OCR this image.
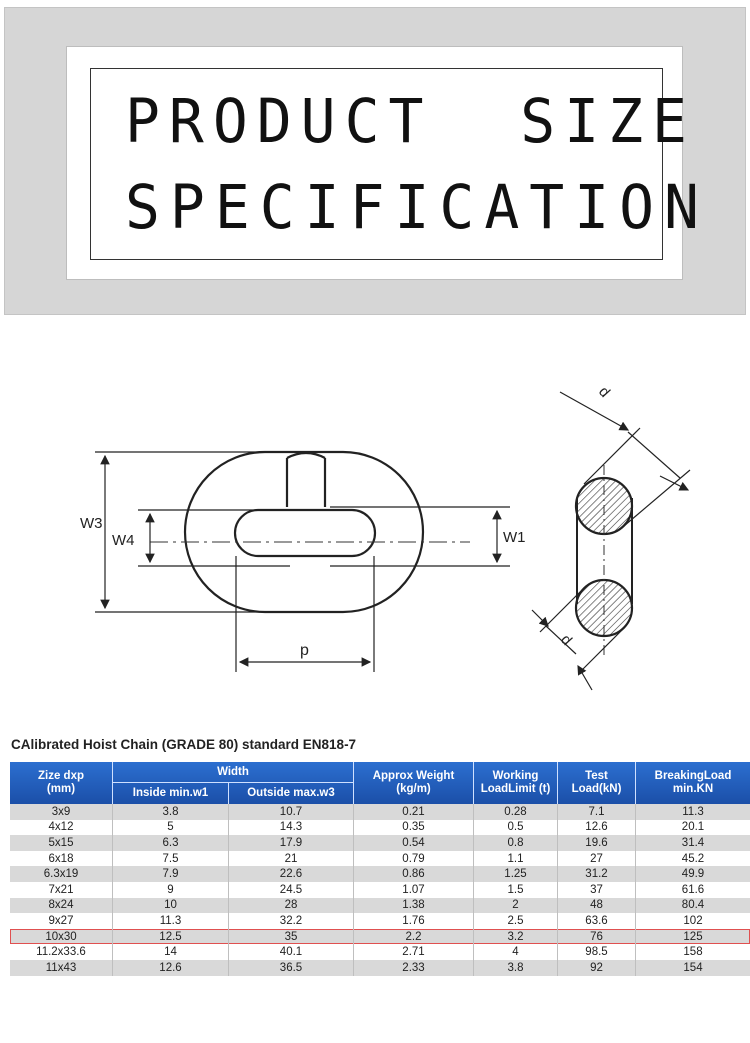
PRODUCT  SIZE
SPECIFICATION
W3
W4	W1
p
d
d
CAlibrated Hoist Chain (GRADE 80) standard EN818-7
Zize dxp
(mm)
Width
Inside min.w1	Outside max.w3
Approx Weight
(kg/m)
Working
LoadLimit (t)
Test
Load(kN)
BreakingLoad
min.KN
3x9	3.8	10.7	0.21	0.28	7.1	11.3
4x12	5	14.3	0.35	0.5	12.6	20.1
5x15	6.3	17.9	0.54	0.8	19.6	31.4
6x18	7.5	21	0.79	1.1	27	45.2
6.3x19	7.9	22.6	0.86	1.25	31.2	49.9
7x21	9	24.5	1.07	1.5	37	61.6
8x24	10	28	1.38	2	48	80.4
9x27	11.3	32.2	1.76	2.5	63.6	102
10x30	12.5	35	2.2	3.2	76	125
11.2x33.6	14	40.1	2.71	4	98.5	158
11x43	12.6	36.5	2.33	3.8	92	154
